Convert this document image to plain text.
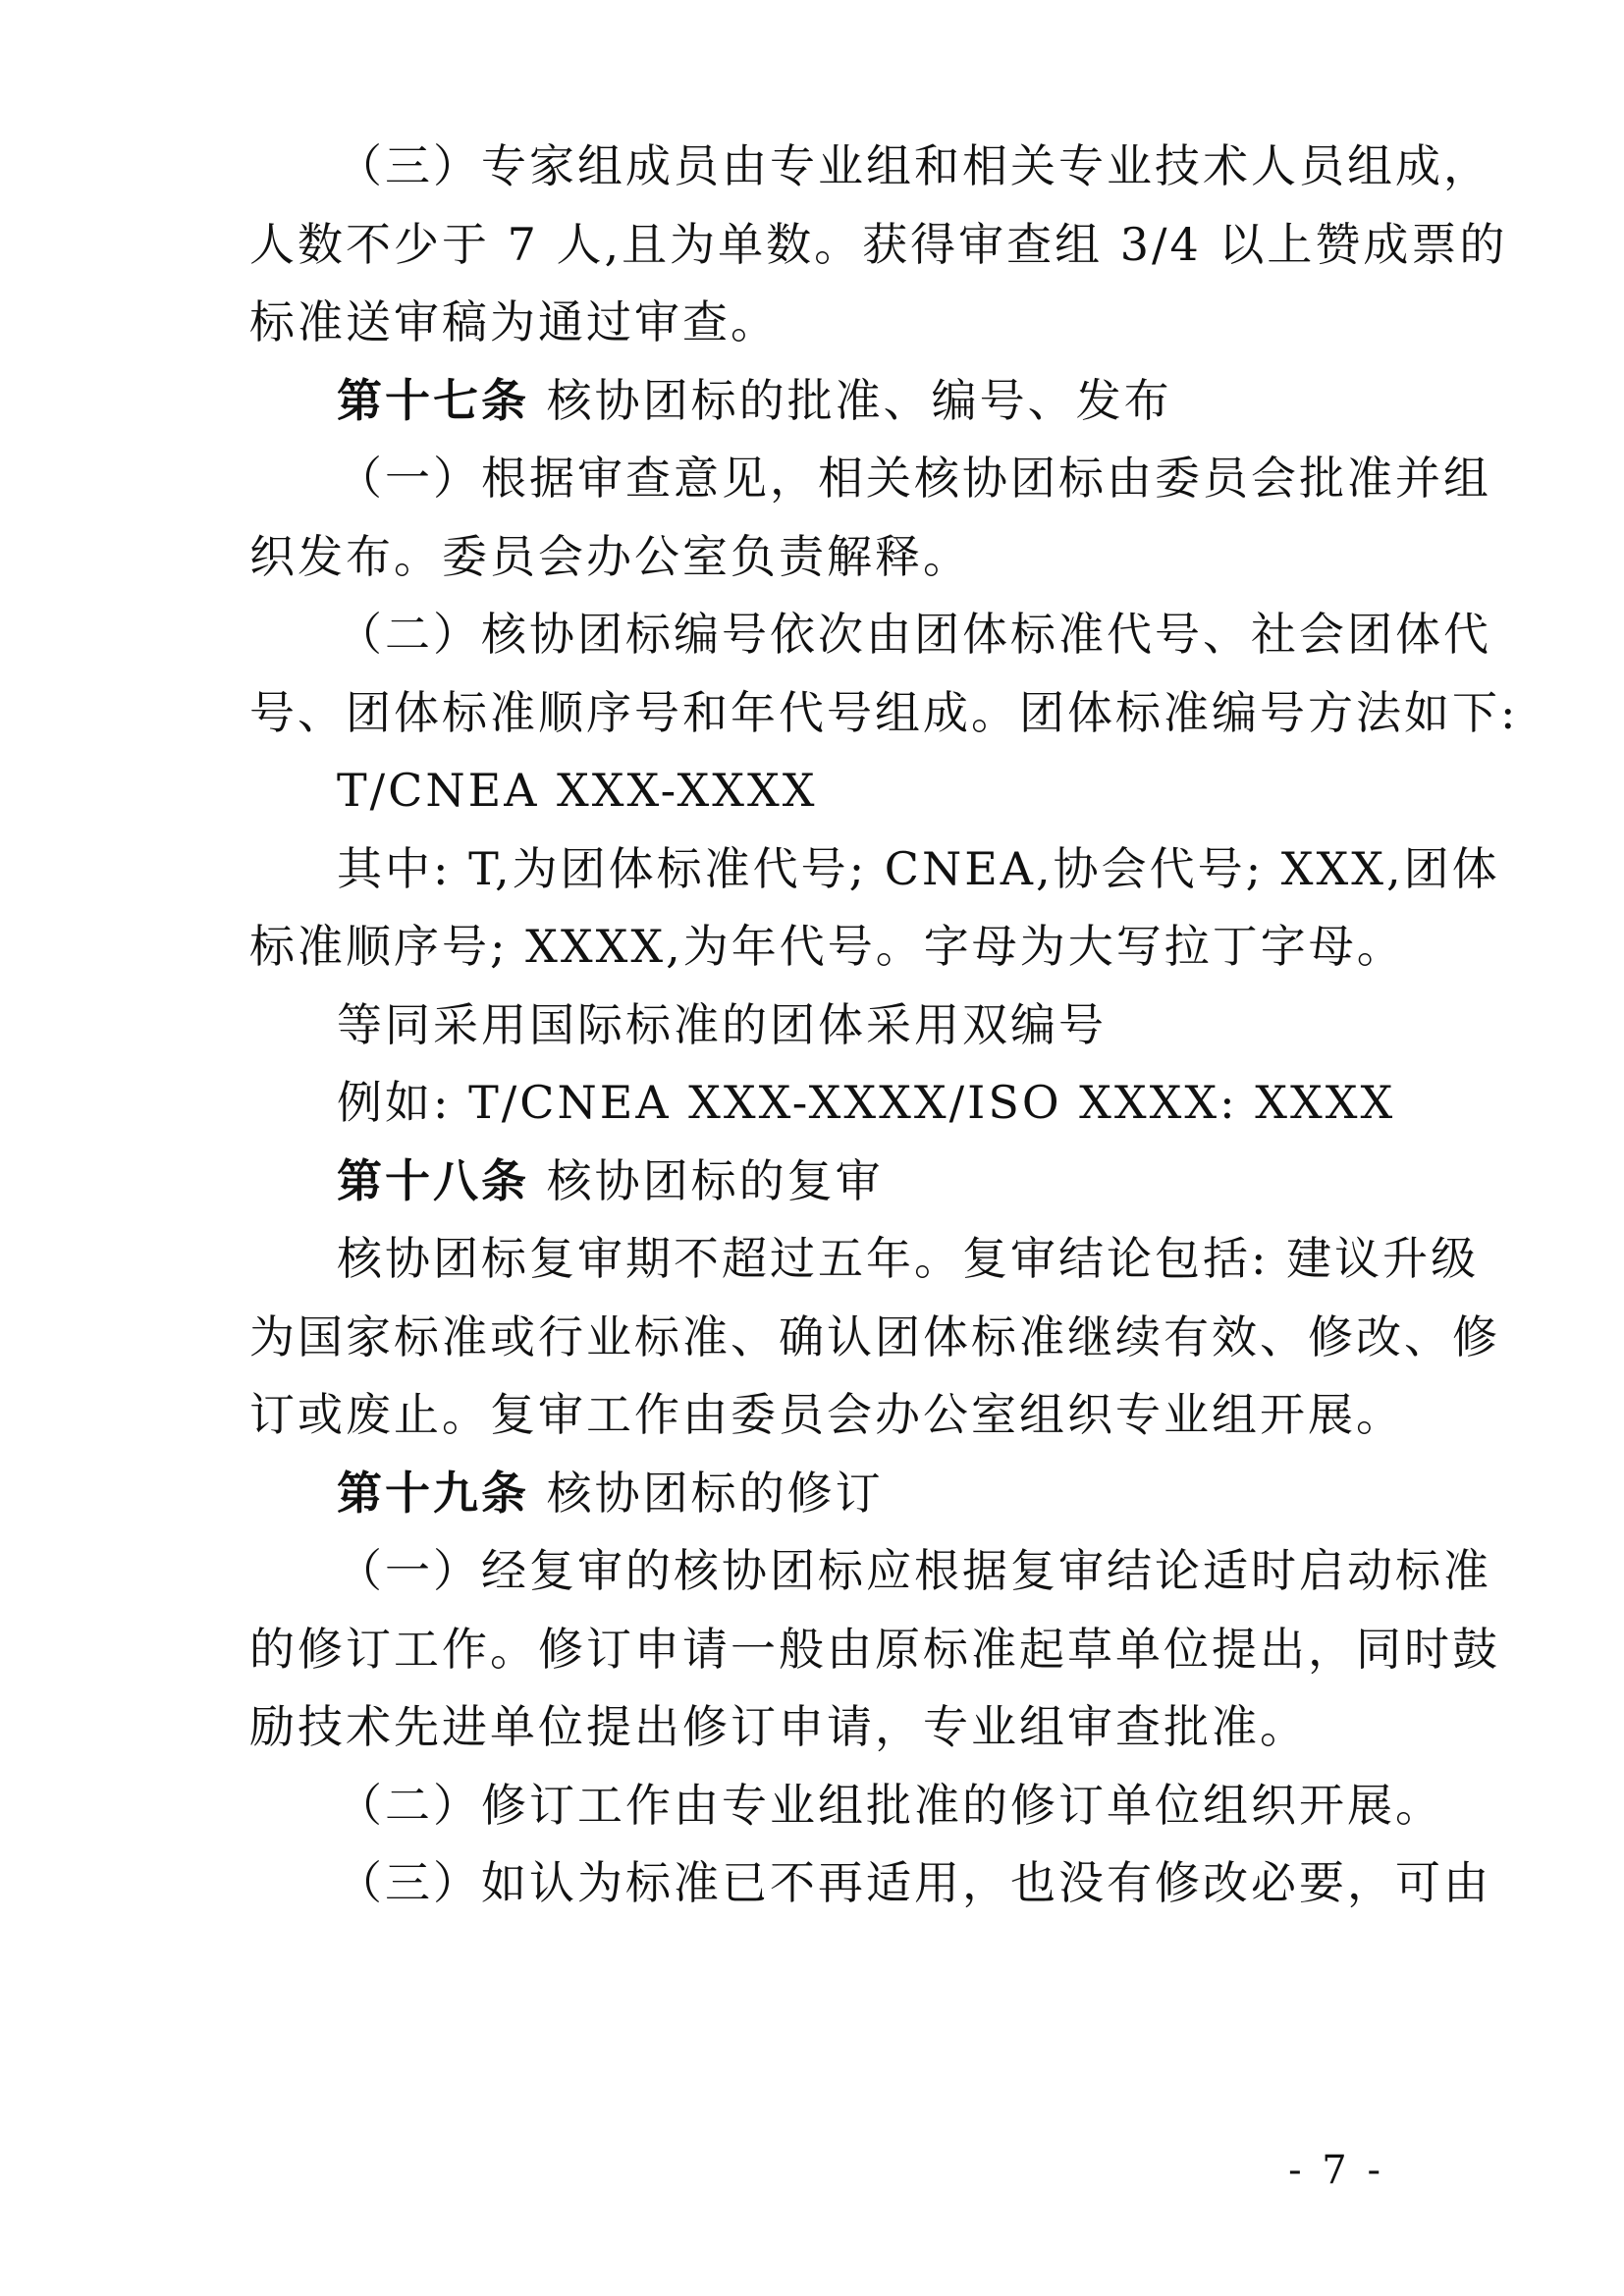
（三）专家组成员由专业组和相关专业技术人员组成，
人数不少于 7 人,且为单数。获得审查组 3/4 以上赞成票的
标准送审稿为通过审查。
第十七条 核协团标的批准、编号、发布
（一）根据审查意见，相关核协团标由委员会批准并组
织发布。委员会办公室负责解释。
（二）核协团标编号依次由团体标准代号、社会团体代
号、团体标准顺序号和年代号组成。团体标准编号方法如下:
T/CNEA XXX-XXXX
其中: T,为团体标准代号; CNEA,协会代号; XXX,团体
标准顺序号; XXXX,为年代号。字母为大写拉丁字母。
等同采用国际标准的团体采用双编号
例如: T/CNEA XXX-XXXX/ISO XXXX: XXXX
第十八条 核协团标的复审
核协团标复审期不超过五年。复审结论包括: 建议升级
为国家标准或行业标准、确认团体标准继续有效、修改、修
订或废止。复审工作由委员会办公室组织专业组开展。
第十九条 核协团标的修订
（一）经复审的核协团标应根据复审结论适时启动标准
的修订工作。修订申请一般由原标准起草单位提出，同时鼓
励技术先进单位提出修订申请，专业组审查批准。
（二）修订工作由专业组批准的修订单位组织开展。
（三）如认为标准已不再适用，也没有修改必要，可由
- 7 -
